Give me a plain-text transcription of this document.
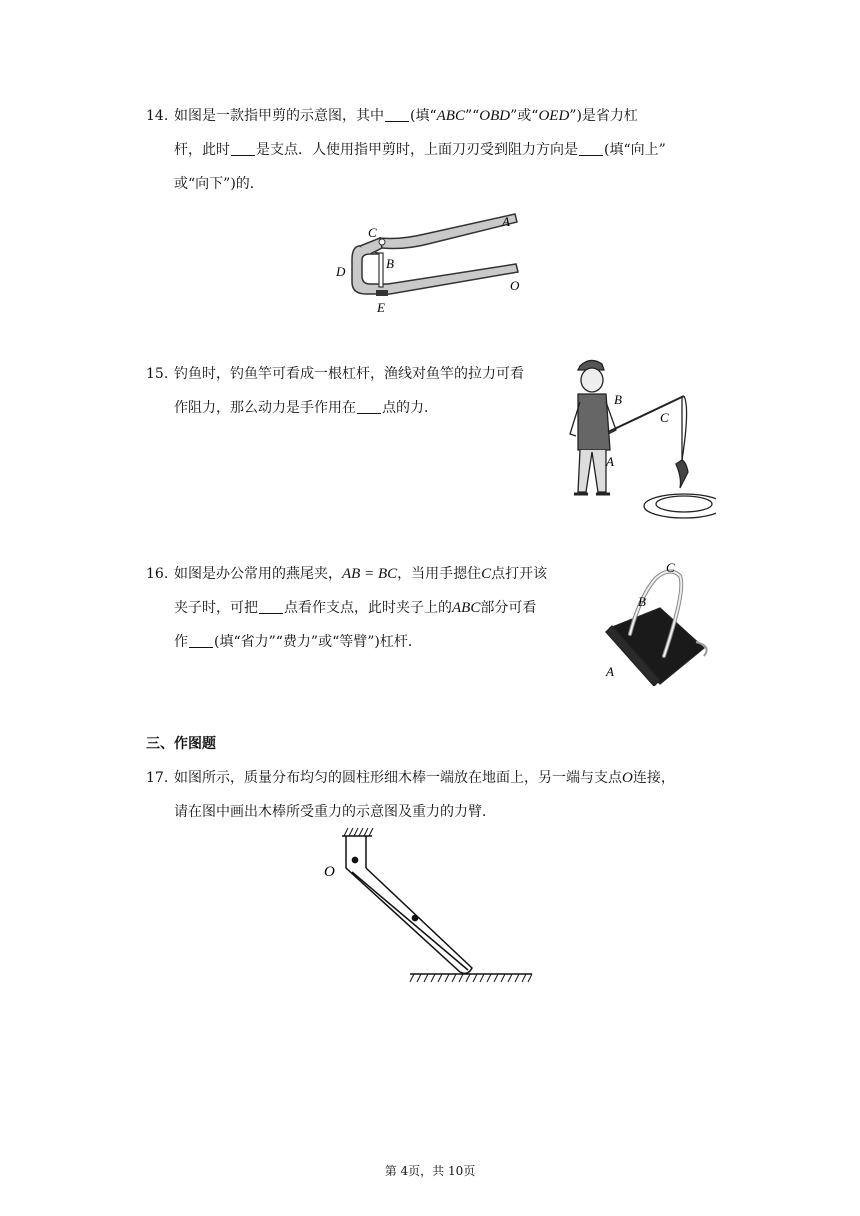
14. 如图是一款指甲剪的示意图，其中 (填“ABC”“OBD”或“OED”)是省力杠
杆，此时 是支点．人使用指甲剪时，上面刀刃受到阻力方向是 (填“向上”
或“向下”)的．
A
C
B
D
O
E
15. 钓鱼时，钓鱼竿可看成一根杠杆，渔线对鱼竿的拉力可看
作阻力，那么动力是手作用在 点的力．
B
C
A
16. 如图是办公常用的燕尾夹，AB = BC，当用手摁住C点打开该
夹子时，可把 点看作支点，此时夹子上的ABC部分可看
作 (填“省力”“费力”或“等臂”)杠杆．
C
B
A
三、作图题
17. 如图所示，质量分布均匀的圆柱形细木棒一端放在地面上，另一端与支点O连接，
请在图中画出木棒所受重力的示意图及重力的力臂．
O
第 4页，共 10页
